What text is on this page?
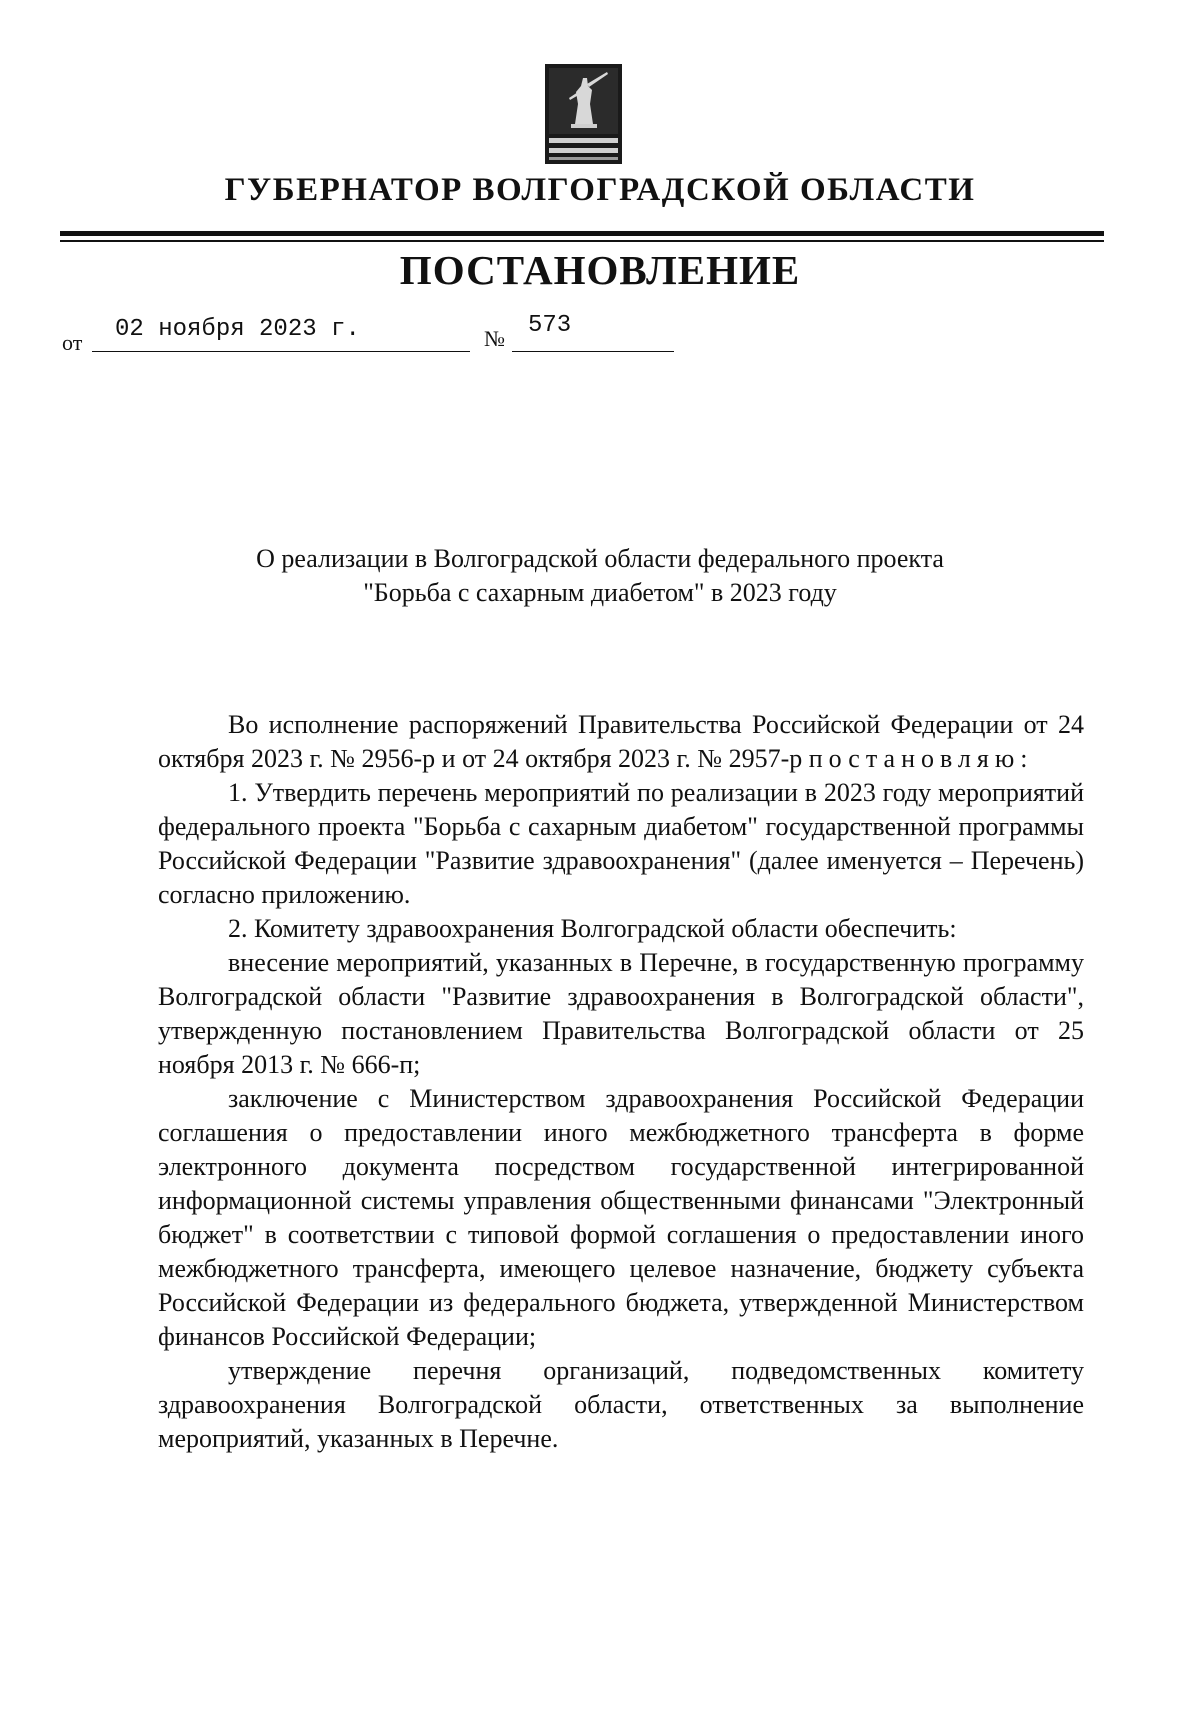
ГУБЕРНАТОР ВОЛГОГРАДСКОЙ ОБЛАСТИ
ПОСТАНОВЛЕНИЕ
от 02 ноября 2023 г.	№ 573
О реализации в Волгоградской области федерального проекта
"Борьба с сахарным диабетом" в 2023 году

Во исполнение распоряжений Правительства Российской Федерации от 24 октября 2023 г. № 2956-р и от 24 октября 2023 г. № 2957-р постановляю:

1. Утвердить перечень мероприятий по реализации в 2023 году мероприятий федерального проекта "Борьба с сахарным диабетом" государственной программы Российской Федерации "Развитие здравоохранения" (далее именуется – Перечень) согласно приложению.

2. Комитету здравоохранения Волгоградской области обеспечить:

внесение мероприятий, указанных в Перечне, в государственную программу Волгоградской области "Развитие здравоохранения в Волгоградской области", утвержденную постановлением Правительства Волгоградской области от 25 ноября 2013 г. № 666-п;

заключение с Министерством здравоохранения Российской Федерации соглашения о предоставлении иного межбюджетного трансферта в форме электронного документа посредством государственной интегрированной информационной системы управления общественными финансами "Электронный бюджет" в соответствии с типовой формой соглашения о предоставлении иного межбюджетного трансферта, имеющего целевое назначение, бюджету субъекта Российской Федерации из федерального бюджета, утвержденной Министерством финансов Российской Федерации;

утверждение перечня организаций, подведомственных комитету здравоохранения Волгоградской области, ответственных за выполнение мероприятий, указанных в Перечне.
